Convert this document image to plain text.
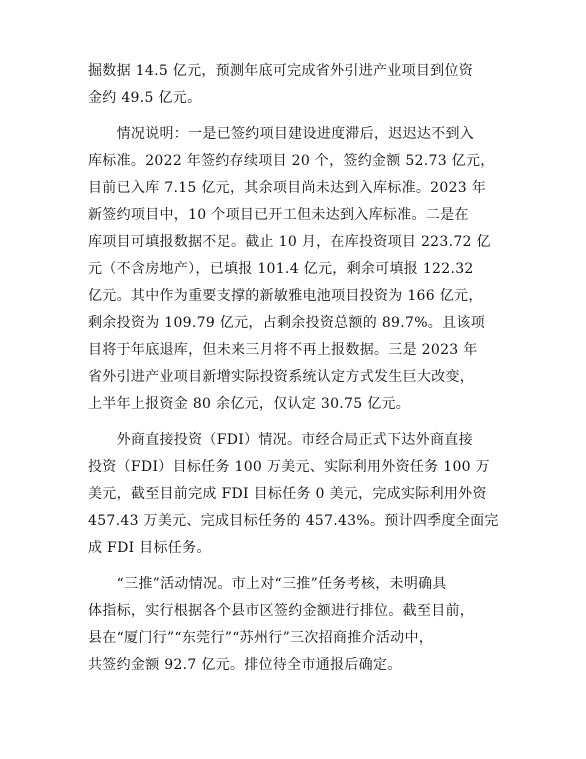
掘数据 14.5 亿元，预测年底可完成省外引进产业项目到位资
金约 49.5 亿元。
　　情况说明：一是已签约项目建设进度滞后，迟迟达不到入
库标准。2022 年签约存续项目 20 个，签约金额 52.73 亿元，
目前已入库 7.15 亿元，其余项目尚未达到入库标准。2023 年
新签约项目中，10 个项目已开工但未达到入库标准。二是在
库项目可填报数据不足。截止 10 月，在库投资项目 223.72 亿
元（不含房地产），已填报 101.4 亿元，剩余可填报 122.32
亿元。其中作为重要支撑的新敏雅电池项目投资为 166 亿元，
剩余投资为 109.79 亿元，占剩余投资总额的 89.7%。且该项
目将于年底退库，但未来三月将不再上报数据。三是 2023 年
省外引进产业项目新增实际投资系统认定方式发生巨大改变，
上半年上报资金 80 余亿元，仅认定 30.75 亿元。
　　外商直接投资（FDI）情况。市经合局正式下达外商直接
投资（FDI）目标任务 100 万美元、实际利用外资任务 100 万
美元，截至目前完成 FDI 目标任务 0 美元，完成实际利用外资
457.43 万美元、完成目标任务的 457.43%。预计四季度全面完
成 FDI 目标任务。
　　“三推”活动情况。市上对“三推”任务考核，未明确具
体指标，实行根据各个县市区签约金额进行排位。截至目前，
县在“厦门行”“东莞行”“苏州行”三次招商推介活动中，
共签约金额 92.7 亿元。排位待全市通报后确定。
